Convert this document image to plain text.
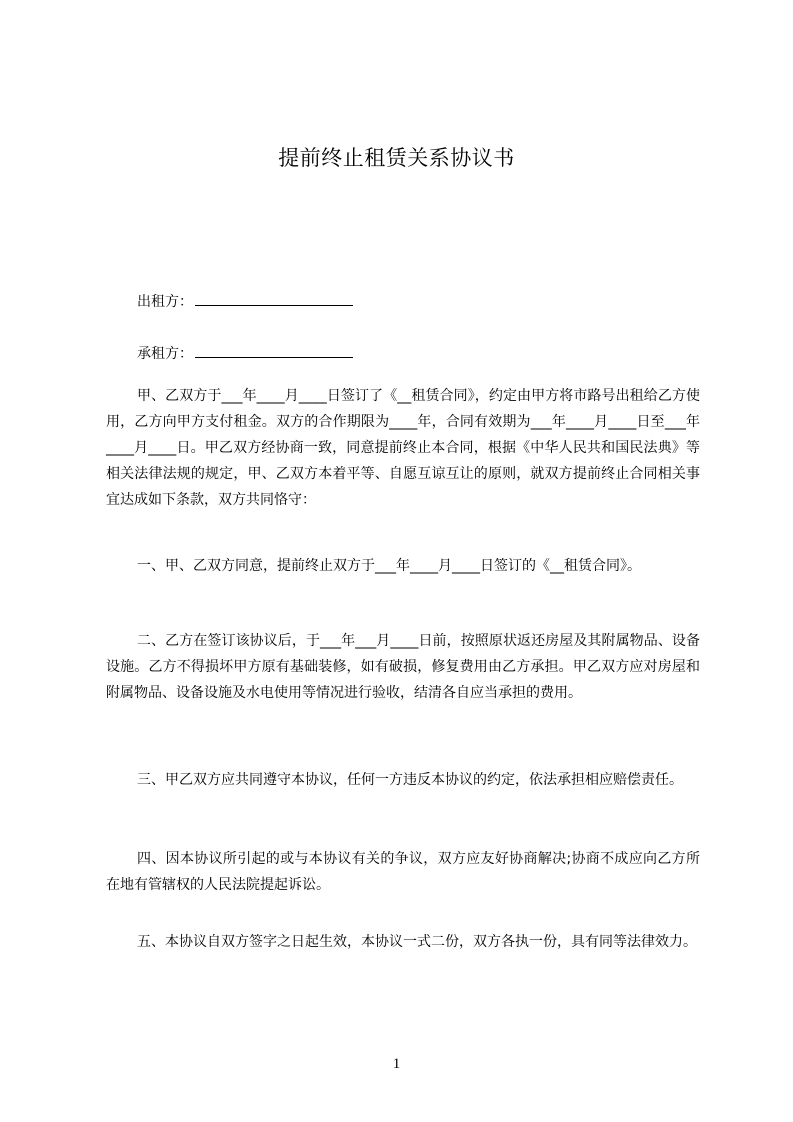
提前终止租赁关系协议书
出租方：
承租方：

甲、乙双方于___年____月____日签订了《__租赁合同》，约定由甲方将市路号出租给乙方使用，乙方向甲方支付租金。双方的合作期限为____年，合同有效期为___年____月____日至___年____月____日。甲乙双方经协商一致，同意提前终止本合同，根据《中华人民共和国民法典》等相关法律法规的规定，甲、乙双方本着平等、自愿互谅互让的原则，就双方提前终止合同相关事宜达成如下条款，双方共同恪守：

一、甲、乙双方同意，提前终止双方于___年____月____日签订的《__租赁合同》。

二、乙方在签订该协议后，于___年___月____日前，按照原状返还房屋及其附属物品、设备设施。乙方不得损坏甲方原有基础装修，如有破损，修复费用由乙方承担。甲乙双方应对房屋和附属物品、设备设施及水电使用等情况进行验收，结清各自应当承担的费用。

三、甲乙双方应共同遵守本协议，任何一方违反本协议的约定，依法承担相应赔偿责任。

四、因本协议所引起的或与本协议有关的争议，双方应友好协商解决;协商不成应向乙方所在地有管辖权的人民法院提起诉讼。

五、本协议自双方签字之日起生效，本协议一式二份，双方各执一份，具有同等法律效力。

1
